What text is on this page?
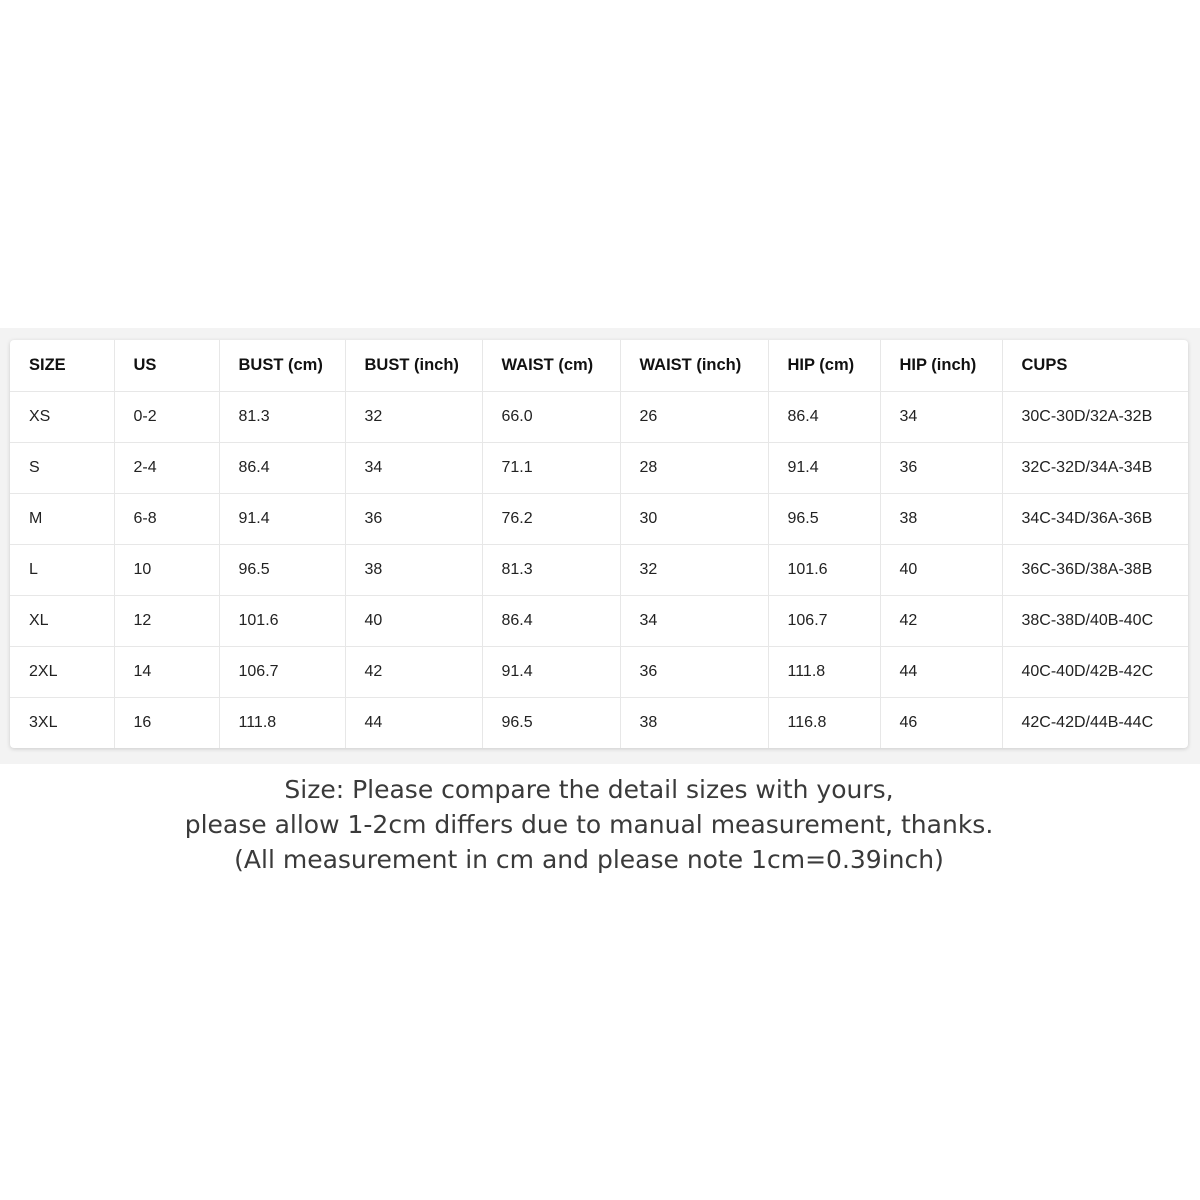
SIZE	US	BUST (cm)	BUST (inch)	WAIST (cm)	WAIST (inch)	HIP (cm)	HIP (inch)	CUPS
XS	0-2	81.3	32	66.0	26	86.4	34	30C-30D/32A-32B
S	2-4	86.4	34	71.1	28	91.4	36	32C-32D/34A-34B
M	6-8	91.4	36	76.2	30	96.5	38	34C-34D/36A-36B
L	10	96.5	38	81.3	32	101.6	40	36C-36D/38A-38B
XL	12	101.6	40	86.4	34	106.7	42	38C-38D/40B-40C
2XL	14	106.7	42	91.4	36	111.8	44	40C-40D/42B-42C
3XL	16	111.8	44	96.5	38	116.8	46	42C-42D/44B-44C
Size: Please compare the detail sizes with yours,
please allow 1-2cm differs due to manual measurement, thanks.
(All measurement in cm and please note 1cm=0.39inch)
